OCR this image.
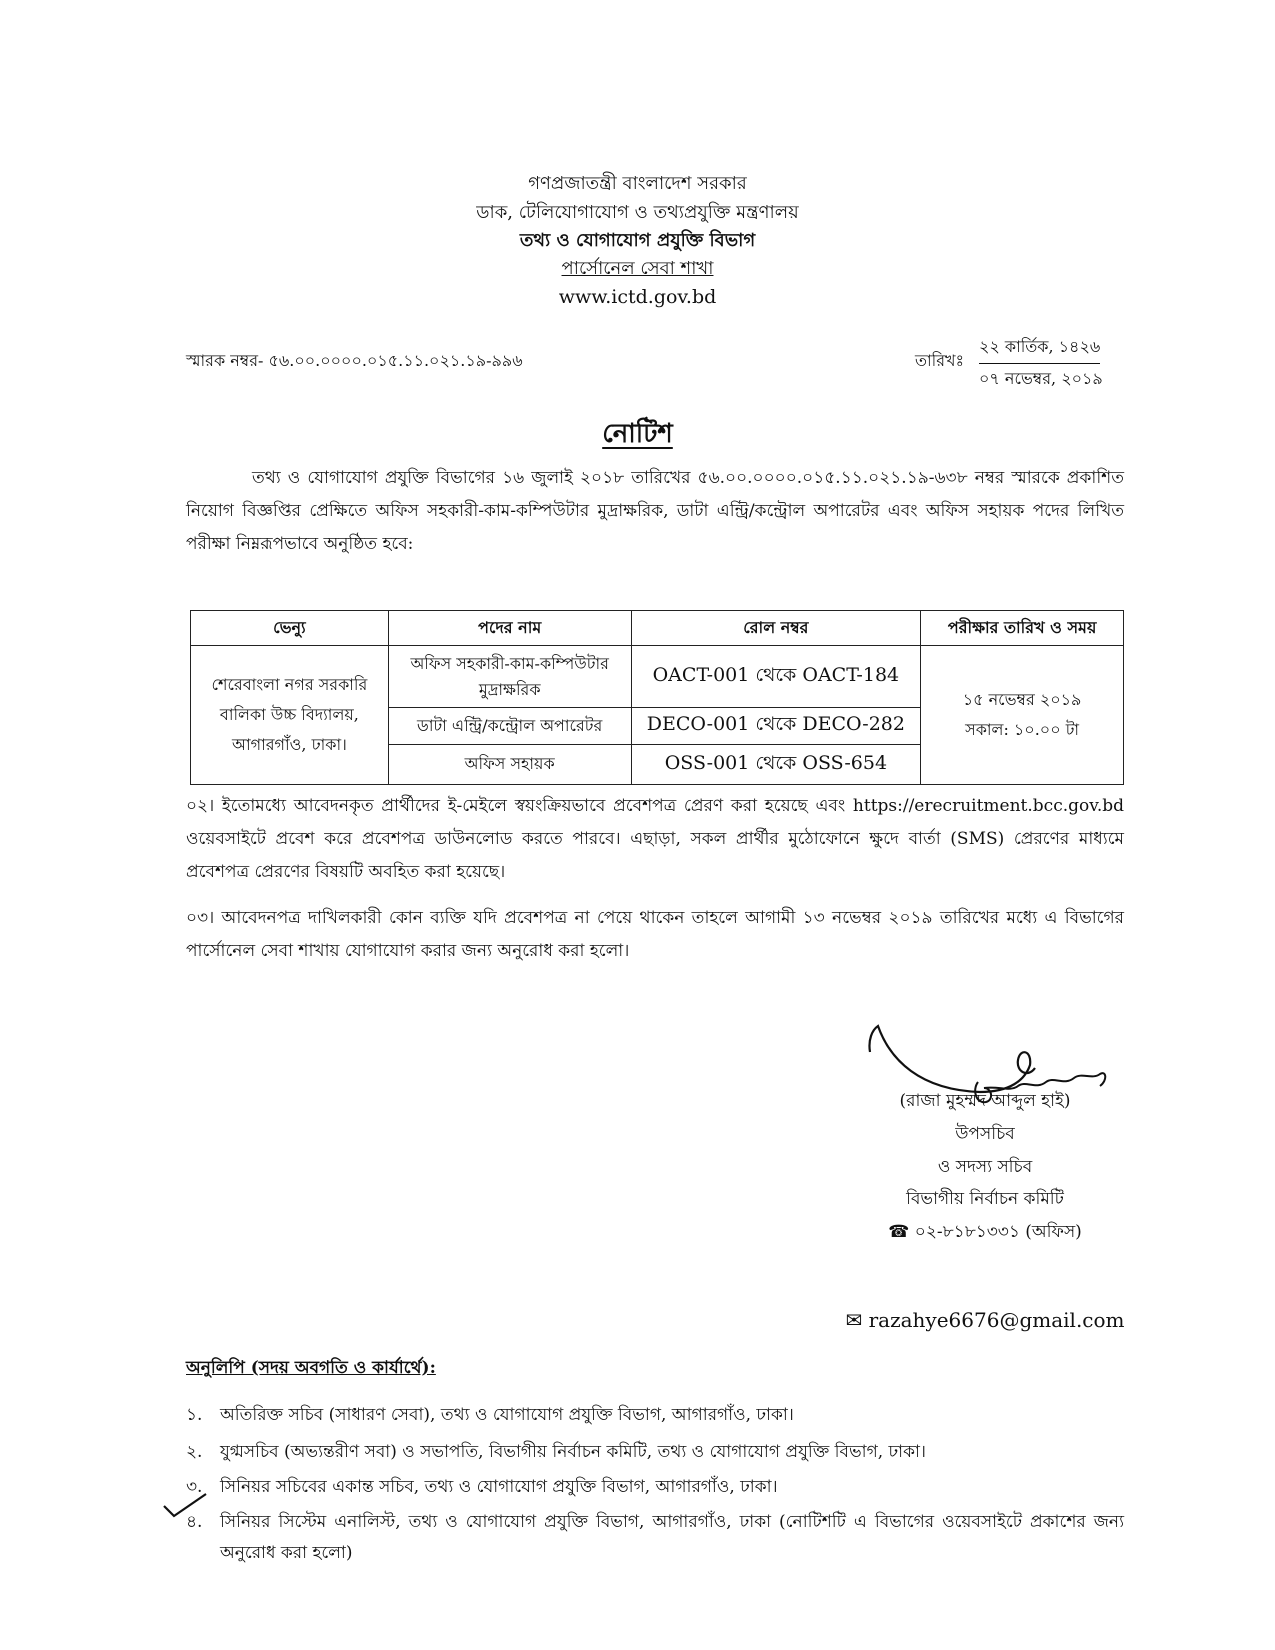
গণপ্রজাতন্ত্রী বাংলাদেশ সরকার
ডাক, টেলিযোগাযোগ ও তথ্যপ্রযুক্তি মন্ত্রণালয়
তথ্য ও যোগাযোগ প্রযুক্তি বিভাগ
পার্সোনেল সেবা শাখা
www.ictd.gov.bd
স্মারক নম্বর- ৫৬.০০.০০০০.০১৫.১১.০২১.১৯-৯৯৬	তারিখঃ
২২ কার্তিক, ১৪২৬
০৭ নভেম্বর, ২০১৯
নোটিশ
তথ্য ও যোগাযোগ প্রযুক্তি বিভাগের ১৬ জুলাই ২০১৮ তারিখের ৫৬.০০.০০০০.০১৫.১১.০২১.১৯-৬৩৮ নম্বর স্মারকে প্রকাশিত নিয়োগ বিজ্ঞপ্তির প্রেক্ষিতে অফিস সহকারী-কাম-কম্পিউটার মুদ্রাক্ষরিক, ডাটা এন্ট্রি/কন্ট্রোল অপারেটর এবং অফিস সহায়ক পদের লিখিত পরীক্ষা নিম্নরূপভাবে অনুষ্ঠিত হবে:
ভেন্যু	পদের নাম	রোল নম্বর	পরীক্ষার তারিখ ও সময়
শেরেবাংলা নগর সরকারি বালিকা উচ্চ বিদ্যালয়, আগারগাঁও, ঢাকা।	অফিস সহকারী-কাম-কম্পিউটার মুদ্রাক্ষরিক	OACT-001 থেকে OACT-184	১৫ নভেম্বর ২০১৯
সকাল: ১০.০০ টা

	ডাটা এন্ট্রি/কন্ট্রোল অপারেটর	DECO-001 থেকে DECO-282	
	অফিস সহায়ক	OSS-001 থেকে OSS-654	
০২। ইতোমধ্যে আবেদনকৃত প্রার্থীদের ই-মেইলে স্বয়ংক্রিয়ভাবে প্রবেশপত্র প্রেরণ করা হয়েছে এবং https://erecruitment.bcc.gov.bd ওয়েবসাইটে প্রবেশ করে প্রবেশপত্র ডাউনলোড করতে পারবে। এছাড়া, সকল প্রার্থীর মুঠোফোনে ক্ষুদে বার্তা (SMS) প্রেরণের মাধ্যমে প্রবেশপত্র প্রেরণের বিষয়টি অবহিত করা হয়েছে।
০৩। আবেদনপত্র দাখিলকারী কোন ব্যক্তি যদি প্রবেশপত্র না পেয়ে থাকেন তাহলে আগামী ১৩ নভেম্বর ২০১৯ তারিখের মধ্যে এ বিভাগের পার্সোনেল সেবা শাখায় যোগাযোগ করার জন্য অনুরোধ করা হলো।
(রাজা মুহম্মদ আব্দুল হাই)
উপসচিব
ও সদস্য সচিব
বিভাগীয় নির্বাচন কমিটি
☎ ০২-৮১৮১৩৩১ (অফিস)
✉ razahye6676@gmail.com
অনুলিপি (সদয় অবগতি ও কার্যার্থে):
১. অতিরিক্ত সচিব (সাধারণ সেবা), তথ্য ও যোগাযোগ প্রযুক্তি বিভাগ, আগারগাঁও, ঢাকা।
২. যুগ্মসচিব (অভ্যন্তরীণ সবা) ও সভাপতি, বিভাগীয় নির্বাচন কমিটি, তথ্য ও যোগাযোগ প্রযুক্তি বিভাগ, ঢাকা।
৩. সিনিয়র সচিবের একান্ত সচিব, তথ্য ও যোগাযোগ প্রযুক্তি বিভাগ, আগারগাঁও, ঢাকা।
৪. সিনিয়র সিস্টেম এনালিস্ট, তথ্য ও যোগাযোগ প্রযুক্তি বিভাগ, আগারগাঁও, ঢাকা (নোটিশটি এ বিভাগের ওয়েবসাইটে প্রকাশের জন্য অনুরোধ করা হলো)
